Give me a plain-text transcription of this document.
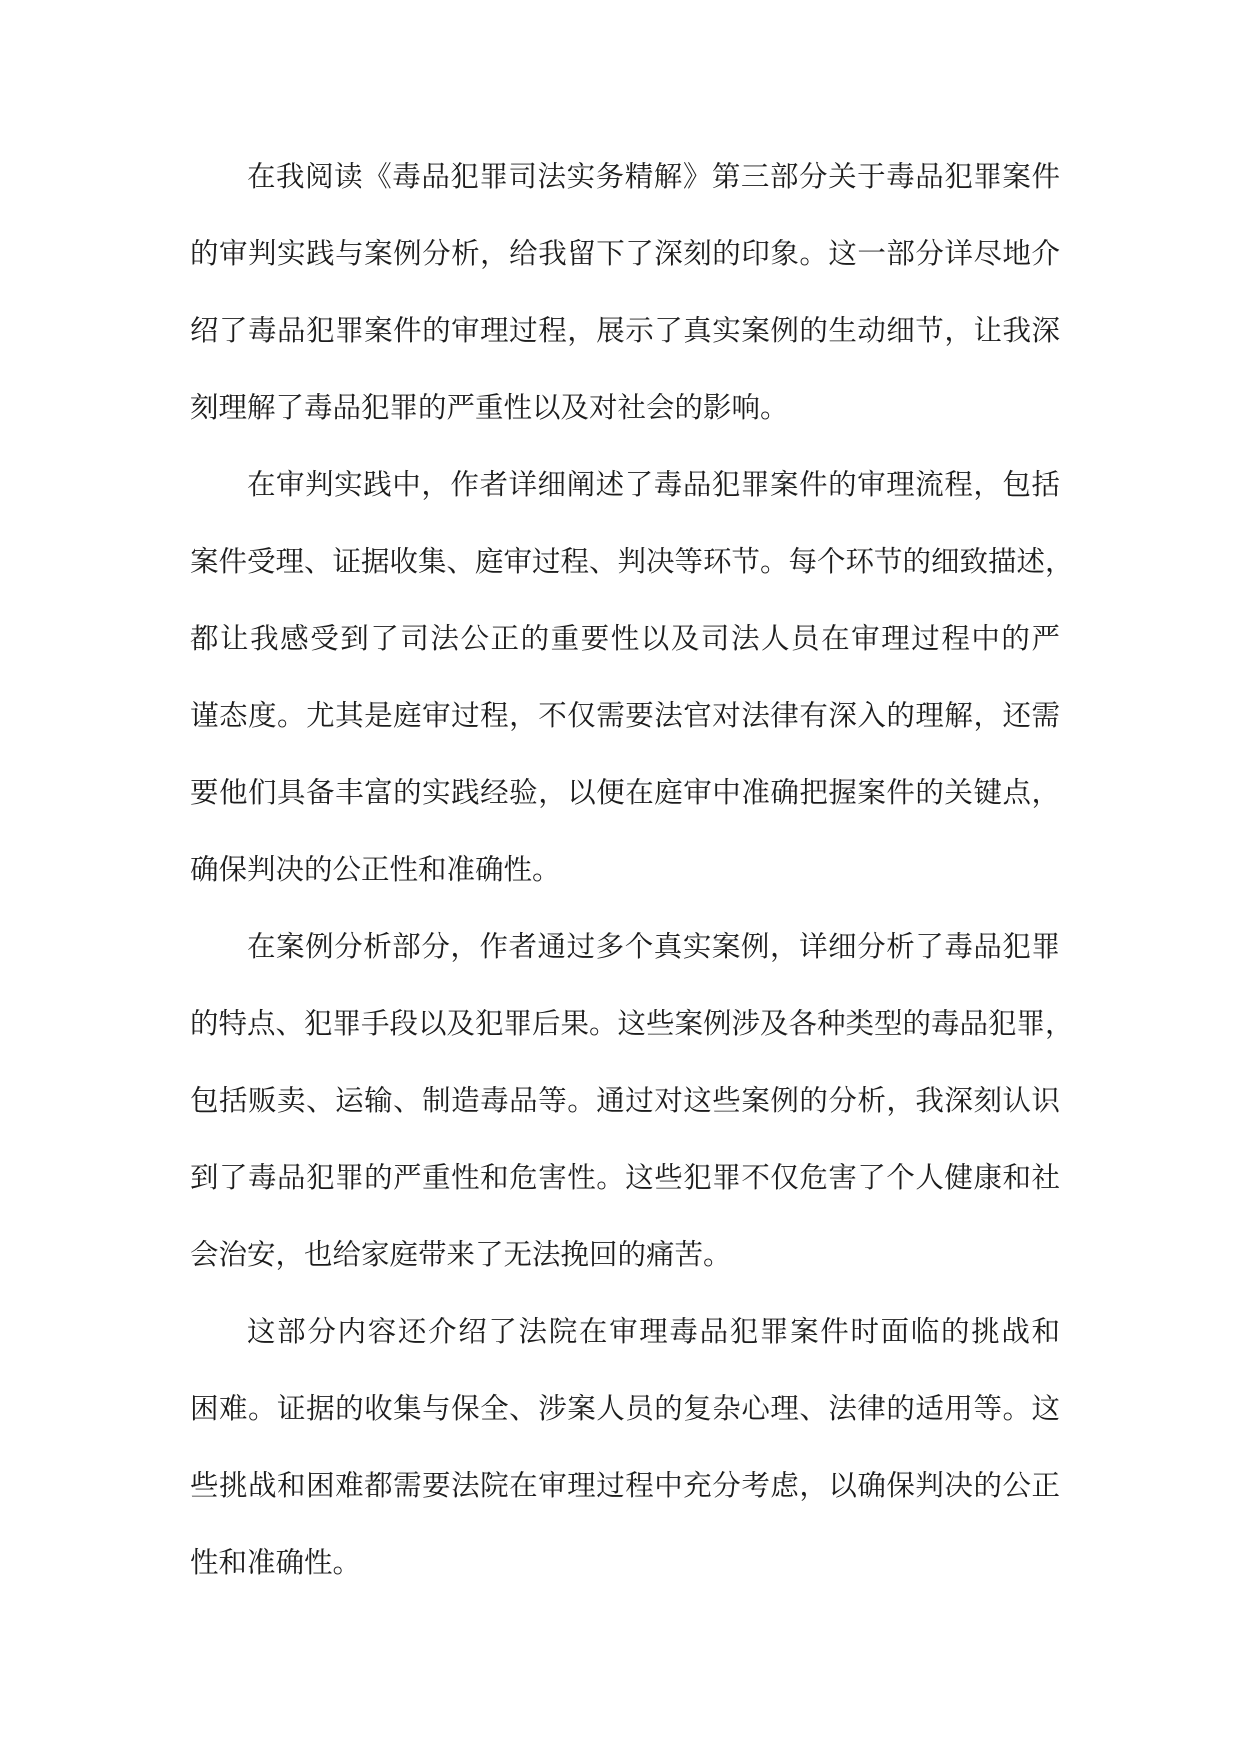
在我阅读《毒品犯罪司法实务精解》第三部分关于毒品犯罪案件
的审判实践与案例分析，给我留下了深刻的印象。这一部分详尽地介
绍了毒品犯罪案件的审理过程，展示了真实案例的生动细节，让我深
刻理解了毒品犯罪的严重性以及对社会的影响。
在审判实践中，作者详细阐述了毒品犯罪案件的审理流程，包括
案件受理、证据收集、庭审过程、判决等环节。每个环节的细致描述，
都让我感受到了司法公正的重要性以及司法人员在审理过程中的严
谨态度。尤其是庭审过程，不仅需要法官对法律有深入的理解，还需
要他们具备丰富的实践经验，以便在庭审中准确把握案件的关键点，
确保判决的公正性和准确性。
在案例分析部分，作者通过多个真实案例，详细分析了毒品犯罪
的特点、犯罪手段以及犯罪后果。这些案例涉及各种类型的毒品犯罪，
包括贩卖、运输、制造毒品等。通过对这些案例的分析，我深刻认识
到了毒品犯罪的严重性和危害性。这些犯罪不仅危害了个人健康和社
会治安，也给家庭带来了无法挽回的痛苦。
这部分内容还介绍了法院在审理毒品犯罪案件时面临的挑战和
困难。证据的收集与保全、涉案人员的复杂心理、法律的适用等。这
些挑战和困难都需要法院在审理过程中充分考虑，以确保判决的公正
性和准确性。
